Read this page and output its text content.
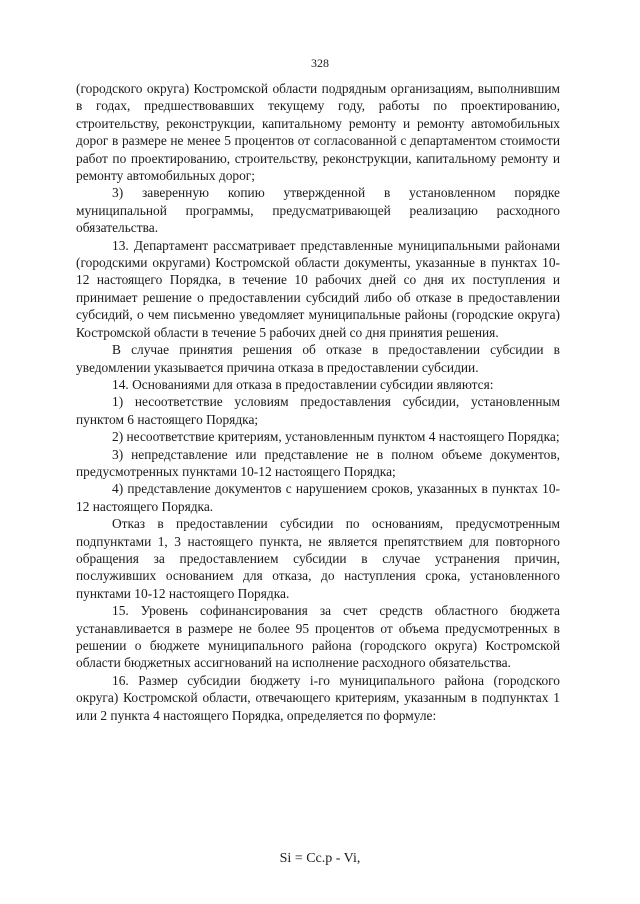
328

(городского округа) Костромской области подрядным организациям, выполнившим в годах, предшествовавших текущему году, работы по проектированию, строительству, реконструкции, капитальному ремонту и ремонту автомобильных дорог в размере не менее 5 процентов от согласованной с департаментом стоимости работ по проектированию, строительству, реконструкции, капитальному ремонту и ремонту автомобильных дорог;

3) заверенную копию утвержденной в установленном порядке муниципальной программы, предусматривающей реализацию расходного обязательства.

13. Департамент рассматривает представленные муниципальными районами (городскими округами) Костромской области документы, указанные в пунктах 10-12 настоящего Порядка, в течение 10 рабочих дней со дня их поступления и принимает решение о предоставлении субсидий либо об отказе в предоставлении субсидий, о чем письменно уведомляет муниципальные районы (городские округа) Костромской области в течение 5 рабочих дней со дня принятия решения.

В случае принятия решения об отказе в предоставлении субсидии в уведомлении указывается причина отказа в предоставлении субсидии.

14. Основаниями для отказа в предоставлении субсидии являются:

1) несоответствие условиям предоставления субсидии, установленным пунктом 6 настоящего Порядка;

2) несоответствие критериям, установленным пунктом 4 настоящего Порядка;

3) непредставление или представление не в полном объеме документов, предусмотренных пунктами 10-12 настоящего Порядка;

4) представление документов с нарушением сроков, указанных в пунктах 10-12 настоящего Порядка.

Отказ в предоставлении субсидии по основаниям, предусмотренным подпунктами 1, 3 настоящего пункта, не является препятствием для повторного обращения за предоставлением субсидии в случае устранения причин, послуживших основанием для отказа, до наступления срока, установленного пунктами 10-12 настоящего Порядка.

15. Уровень софинансирования за счет средств областного бюджета устанавливается в размере не более 95 процентов от объема предусмотренных в решении о бюджете муниципального района (городского округа) Костромской области бюджетных ассигнований на исполнение расходного обязательства.

16. Размер субсидии бюджету i-го муниципального района (городского округа) Костромской области, отвечающего критериям, указанным в подпунктах 1 или 2 пункта 4 настоящего Порядка, определяется по формуле:

Si = Cc.p - Vi,
